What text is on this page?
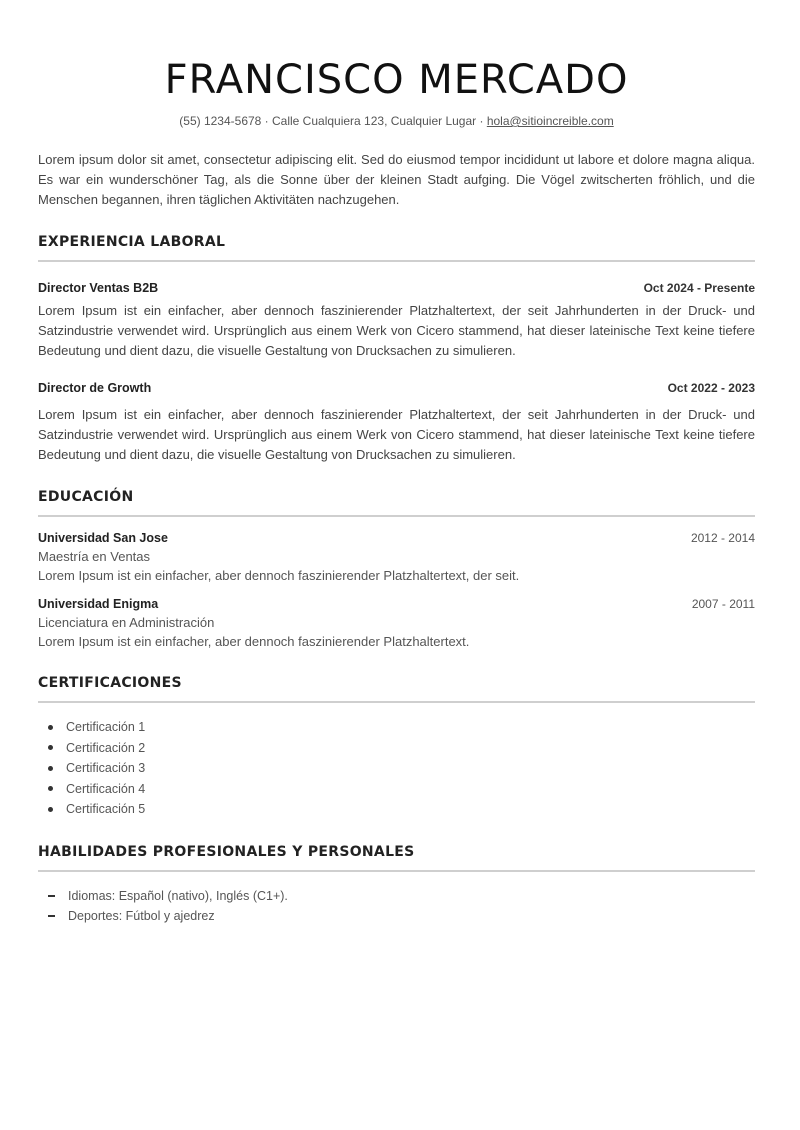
FRANCISCO MERCADO
(55) 1234-5678 · Calle Cualquiera 123, Cualquier Lugar · hola@sitioincreible.com

Lorem ipsum dolor sit amet, consectetur adipiscing elit. Sed do eiusmod tempor incididunt ut labore et dolore magna aliqua. Es war ein wunderschöner Tag, als die Sonne über der kleinen Stadt aufging. Die Vögel zwitscherten fröhlich, und die Menschen begannen, ihren täglichen Aktivitäten nachzugehen.

EXPERIENCIA LABORAL
Director Ventas B2B	Oct 2024 - Presente

Lorem Ipsum ist ein einfacher, aber dennoch faszinierender Platzhaltertext, der seit Jahrhunderten in der Druck- und Satzindustrie verwendet wird. Ursprünglich aus einem Werk von Cicero stammend, hat dieser lateinische Text keine tiefere Bedeutung und dient dazu, die visuelle Gestaltung von Drucksachen zu simulieren.

Director de Growth	Oct 2022 - 2023

Lorem Ipsum ist ein einfacher, aber dennoch faszinierender Platzhaltertext, der seit Jahrhunderten in der Druck- und Satzindustrie verwendet wird. Ursprünglich aus einem Werk von Cicero stammend, hat dieser lateinische Text keine tiefere Bedeutung und dient dazu, die visuelle Gestaltung von Drucksachen zu simulieren.

EDUCACIÓN
Universidad San Jose	2012 - 2014
Maestría en Ventas
Lorem Ipsum ist ein einfacher, aber dennoch faszinierender Platzhaltertext, der seit.
Universidad Enigma	2007 - 2011
Licenciatura en Administración
Lorem Ipsum ist ein einfacher, aber dennoch faszinierender Platzhaltertext.
CERTIFICACIONES
Certificación 1
Certificación 2
Certificación 3
Certificación 4
Certificación 5
HABILIDADES PROFESIONALES Y PERSONALES
Idiomas: Español (nativo), Inglés (C1+).
Deportes: Fútbol y ajedrez
